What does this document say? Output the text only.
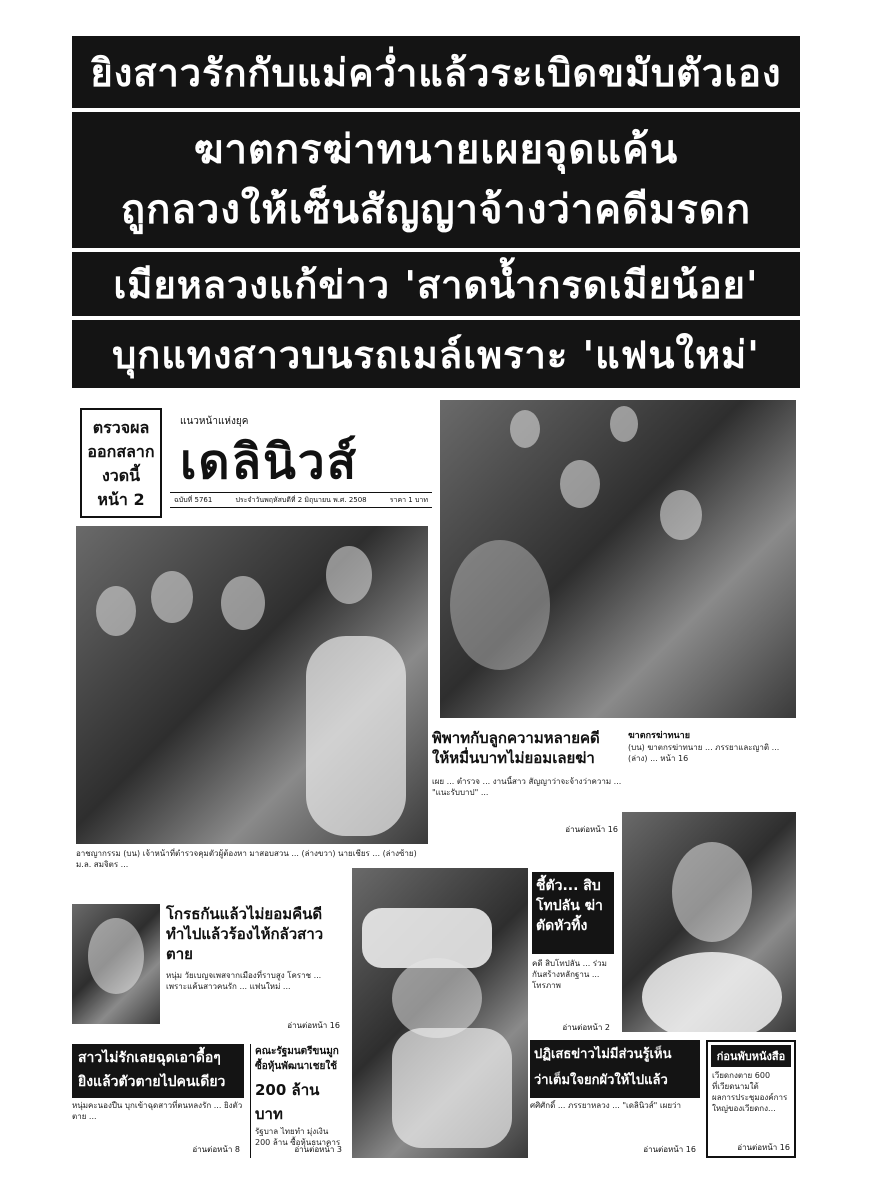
ยิงสาวรักกับแม่คว่ำแล้วระเบิดขมับตัวเอง
ฆาตกรฆ่าทนายเผยจุดแค้น
ถูกลวงให้เซ็นสัญญาจ้างว่าคดีมรดก
เมียหลวงแก้ข่าว 'สาดน้ำกรดเมียน้อย'
บุกแทงสาวบนรถเมล์เพราะ 'แฟนใหม่'
ตรวจผล
ออกสลาก
งวดนี้
หน้า 2
แนวหน้าแห่งยุค
เดลินิวส์
ฉบับที่ 5761	ประจำวันพฤหัสบดีที่ 2 มิถุนายน พ.ศ. 2508	ราคา 1 บาท
อาชญากรรม (บน) เจ้าหน้าที่ตำรวจคุมตัวผู้ต้องหา มาสอบสวน ... (ล่างขวา) นายเชียร ... (ล่างซ้าย) ม.ล. สมจิตร ...
พิพาทกับลูกความหลายคดี
ให้หมื่นบาทไม่ยอมเลยฆ่า
เผย ... ตำรวจ ... งานนี้สาว สัญญาว่าจะจ้างว่าความ ... "แนะรับบาป" ...
อ่านต่อหน้า 16
ฆาตกรฆ่าทนาย
(บน) ฆาตกรฆ่าทนาย ... ภรรยาและญาติ ... (ล่าง) ... หน้า 16
โกรธกันแล้วไม่ยอมคืนดี
ทำไปแล้วร้องไห้กลัวสาวตาย
หนุ่ม วัยเบญจเพสจากเมืองที่ราบสูง โคราช ... เพราะแค้นสาวคนรัก ... แฟนใหม่ ...
อ่านต่อหน้า 16
ชี้ตัว... สิบโทปลัน ฆ่าตัดหัวทิ้ง
คดี สิบโทปลัน ... ร่วมกันสร้างหลักฐาน ... โทรภาพ
อ่านต่อหน้า 2
สาวไม่รักเลยฉุดเอาดื้อๆ
ยิงแล้วตัวตายไปคนเดียว
หนุ่มคะนองปืน บุกเข้าฉุดสาวที่ตนหลงรัก ... ยิงตัวตาย ...
อ่านต่อหน้า 8
คณะรัฐมนตรีขนมูก
ซื้อหุ้นพัฒนาเชยใช้
200 ล้านบาท
รัฐบาล ไทยทำ มุ่งเงิน 200 ล้าน ซื้อหุ้นธนาคาร
อ่านต่อหน้า 3
ปฏิเสธข่าวไม่มีส่วนรู้เห็น
ว่าเต็มใจยกผัวให้ไปแล้ว
ศศิศักดิ์ ... ภรรยาหลวง ... "เดลินิวส์" เผยว่า
อ่านต่อหน้า 16
ก่อนพับหนังสือ
เวียดกงตาย 600
ที่เวียดนามใต้
ผลการประชุมองค์การใหญ่ของเวียดกง...
อ่านต่อหน้า 16
